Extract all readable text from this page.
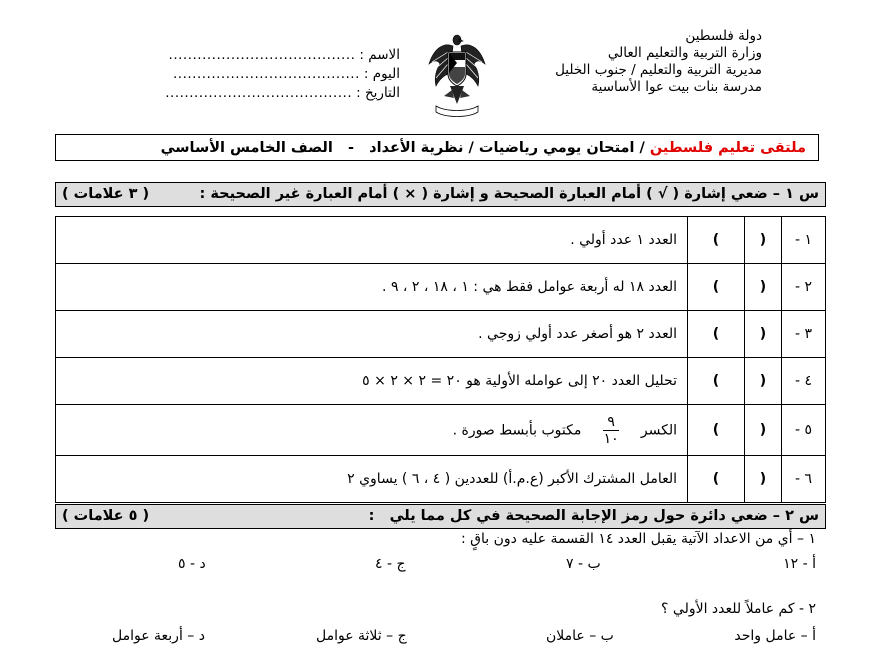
دولة فلسطين
وزارة التربية والتعليم العالي
مديرية التربية والتعليم / جنوب الخليل
مدرسة بنات بيت عوا الأساسية
الاسم :
.......................................
اليوم :
.......................................
التاريخ :
.......................................
ملتقى تعليم فلسطين / امتحان يومي رياضيات / نظرية الأعداد   -   الصف الخامس الأساسي
س ١ – ضعي إشارة ( √ ) أمام العبارة الصحيحة و إشارة ( × ) أمام العبارة غير الصحيحة :
( ٣ علامات )
١ -	(	)	العدد ١ عدد أولي .
٢ -	(	)	العدد ١٨ له أربعة عوامل فقط هي : ١ ، ١٨ ، ٢ ، ٩ .
٣ -	(	)	العدد ٢ هو أصغر عدد أولي زوجي .
٤ -	(	)	تحليل العدد ٢٠ إلى عوامله الأولية هو ٢٠ = ٢ × ٢ × ٥
٥ -	(	)	الكسر
$\frac{٩}{١٠}$
مكتوب بأبسط صورة .
٦ -	(	)	العامل المشترك الأكبر (ع.م.أ) للعددين ( ٤ ، ٦ ) يساوي ٢
س ٢ – ضعي دائرة حول رمز الإجابة الصحيحة في كل مما يلي   :
( ٥ علامات )
١ – أي من الاعداد الآتية يقبل العدد ١٤ القسمة عليه دون باقٍ :
أ - ١٢
ب - ٧
ج - ٤
د - ٥
٢ - كم عاملاً للعدد الأولي ؟
أ – عامل واحد
ب – عاملان
ج – ثلاثة عوامل
د – أربعة عوامل
